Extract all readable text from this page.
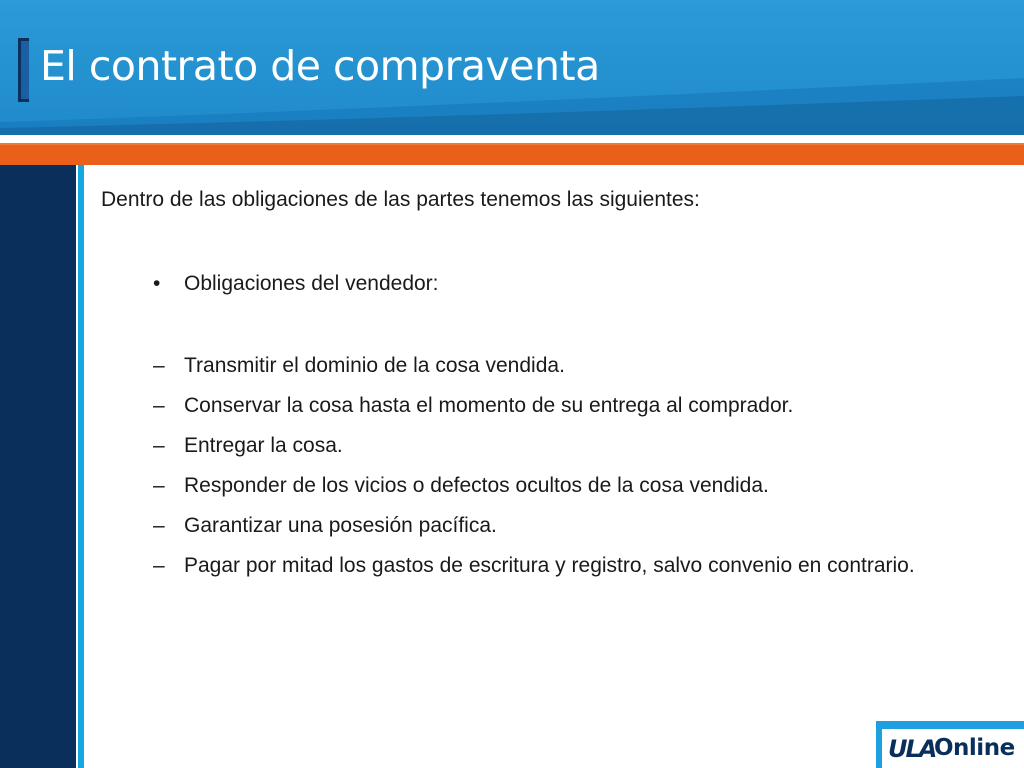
El contrato de compraventa
Dentro de las obligaciones de las partes tenemos las siguientes:
•	Obligaciones del vendedor:
– Transmitir el dominio de la cosa vendida.
– Conservar la cosa hasta el momento de su entrega al comprador.
– Entregar la cosa.
– Responder de los vicios o defectos ocultos de la cosa vendida.
– Garantizar una posesión pacífica.
– Pagar por mitad los gastos de escritura y registro, salvo convenio en contrario.
ULA
Online
